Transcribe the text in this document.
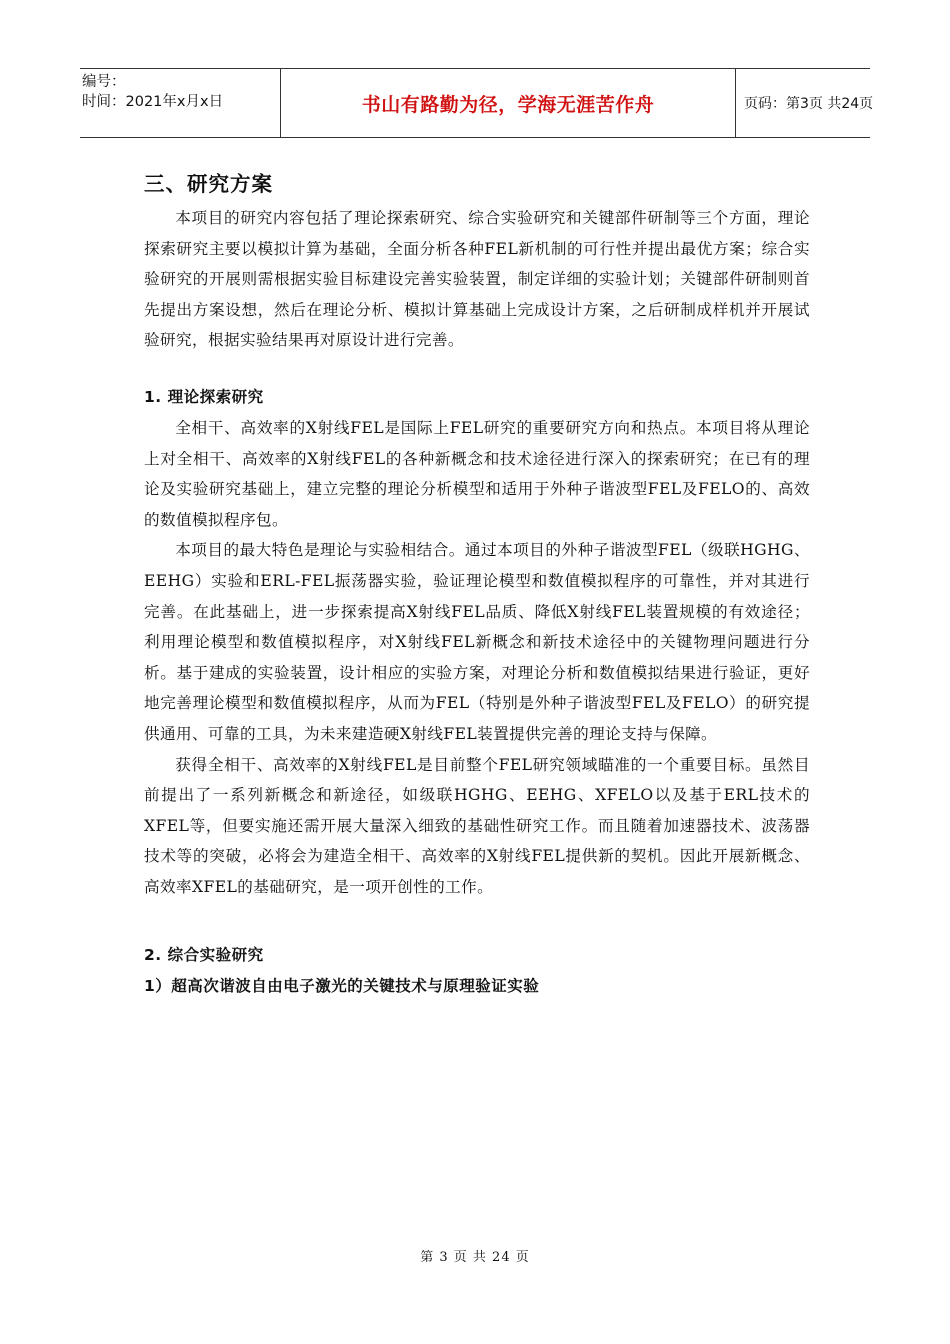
编号：
时间：2021年x月x日	书山有路勤为径，学海无涯苦作舟	页码：第3页 共24页
三、研究方案

本项目的研究内容包括了理论探索研究、综合实验研究和关键部件研制等三个方面，理论探索研究主要以模拟计算为基础，全面分析各种FEL新机制的可行性并提出最优方案；综合实验研究的开展则需根据实验目标建设完善实验装置，制定详细的实验计划；关键部件研制则首先提出方案设想，然后在理论分析、模拟计算基础上完成设计方案，之后研制成样机并开展试验研究，根据实验结果再对原设计进行完善。

1. 理论探索研究

全相干、高效率的X射线FEL是国际上FEL研究的重要研究方向和热点。本项目将从理论上对全相干、高效率的X射线FEL的各种新概念和技术途径进行深入的探索研究；在已有的理论及实验研究基础上，建立完整的理论分析模型和适用于外种子谐波型FEL及FELO的、高效的数值模拟程序包。

本项目的最大特色是理论与实验相结合。通过本项目的外种子谐波型FEL（级联HGHG、EEHG）实验和ERL-FEL振荡器实验，验证理论模型和数值模拟程序的可靠性，并对其进行完善。在此基础上，进一步探索提高X射线FEL品质、降低X射线FEL装置规模的有效途径；利用理论模型和数值模拟程序，对X射线FEL新概念和新技术途径中的关键物理问题进行分析。基于建成的实验装置，设计相应的实验方案，对理论分析和数值模拟结果进行验证，更好地完善理论模型和数值模拟程序，从而为FEL（特别是外种子谐波型FEL及FELO）的研究提供通用、可靠的工具，为未来建造硬X射线FEL装置提供完善的理论支持与保障。

获得全相干、高效率的X射线FEL是目前整个FEL研究领域瞄准的一个重要目标。虽然目前提出了一系列新概念和新途径，如级联HGHG、EEHG、XFELO以及基于ERL技术的XFEL等，但要实施还需开展大量深入细致的基础性研究工作。而且随着加速器技术、波荡器技术等的突破，必将会为建造全相干、高效率的X射线FEL提供新的契机。因此开展新概念、高效率XFEL的基础研究，是一项开创性的工作。

2. 综合实验研究
1）超高次谐波自由电子激光的关键技术与原理验证实验
第 3 页 共 24 页
